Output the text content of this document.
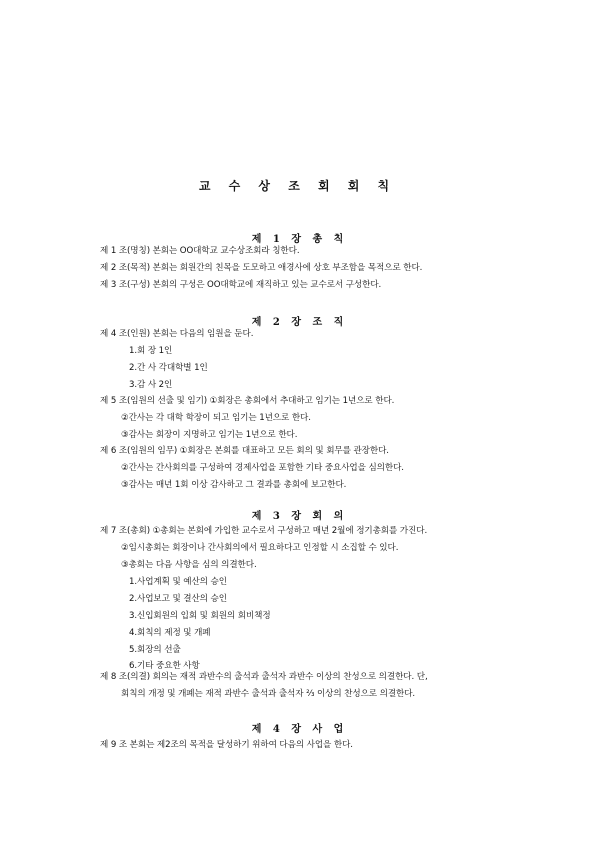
교 수 상 조 회 회 칙
제 1 장 총 칙
제 1 조(명칭) 본회는 OO대학교 교수상조회라 칭한다.
제 2 조(목적) 본회는 회원간의 친목을 도모하고 애경사에 상호 부조함을 목적으로 한다.
제 3 조(구성) 본회의 구성은 OO대학교에 재직하고 있는 교수로서 구성한다.
제 2 장 조 직
제 4 조(인원) 본회는 다음의 임원을 둔다.
1.회 장 1인
2.간 사 각대학별 1인
3.감 사 2인
제 5 조(임원의 선출 및 임기) ①회장은 총회에서 추대하고 임기는 1년으로 한다.
②간사는 각 대학 학장이 되고 임기는 1년으로 한다.
③감사는 회장이 지명하고 임기는 1년으로 한다.
제 6 조(임원의 임무) ①회장은 본회를 대표하고 모든 회의 및 회무를 관장한다.
②간사는 간사회의를 구성하여 경제사업을 포함한 기타 중요사업을 심의한다.
③감사는 매년 1회 이상 감사하고 그 결과를 총회에 보고한다.
제 3 장 회 의
제 7 조(총회) ①총회는 본회에 가입한 교수로서 구성하고 매년 2월에 정기총회를 가진다.
②임시총회는 회장이나 간사회의에서 필요하다고 인정할 시 소집할 수 있다.
③총회는 다음 사항을 심의 의결한다.
1.사업계획 및 예산의 승인
2.사업보고 및 결산의 승인
3.신입회원의 입회 및 회원의 회비책정
4.회칙의 제정 및 개폐
5.회장의 선출
6.기타 중요한 사항
제 8 조(의결) 회의는 재적 과반수의 출석과 출석자 과반수 이상의 찬성으로 의결한다. 단,
회칙의 개정 및 개폐는 재적 과반수 출석과 출석자 ⅔ 이상의 찬성으로 의결한다.
제 4 장 사 업
제 9 조 본회는 제2조의 목적을 달성하기 위하여 다음의 사업을 한다.
